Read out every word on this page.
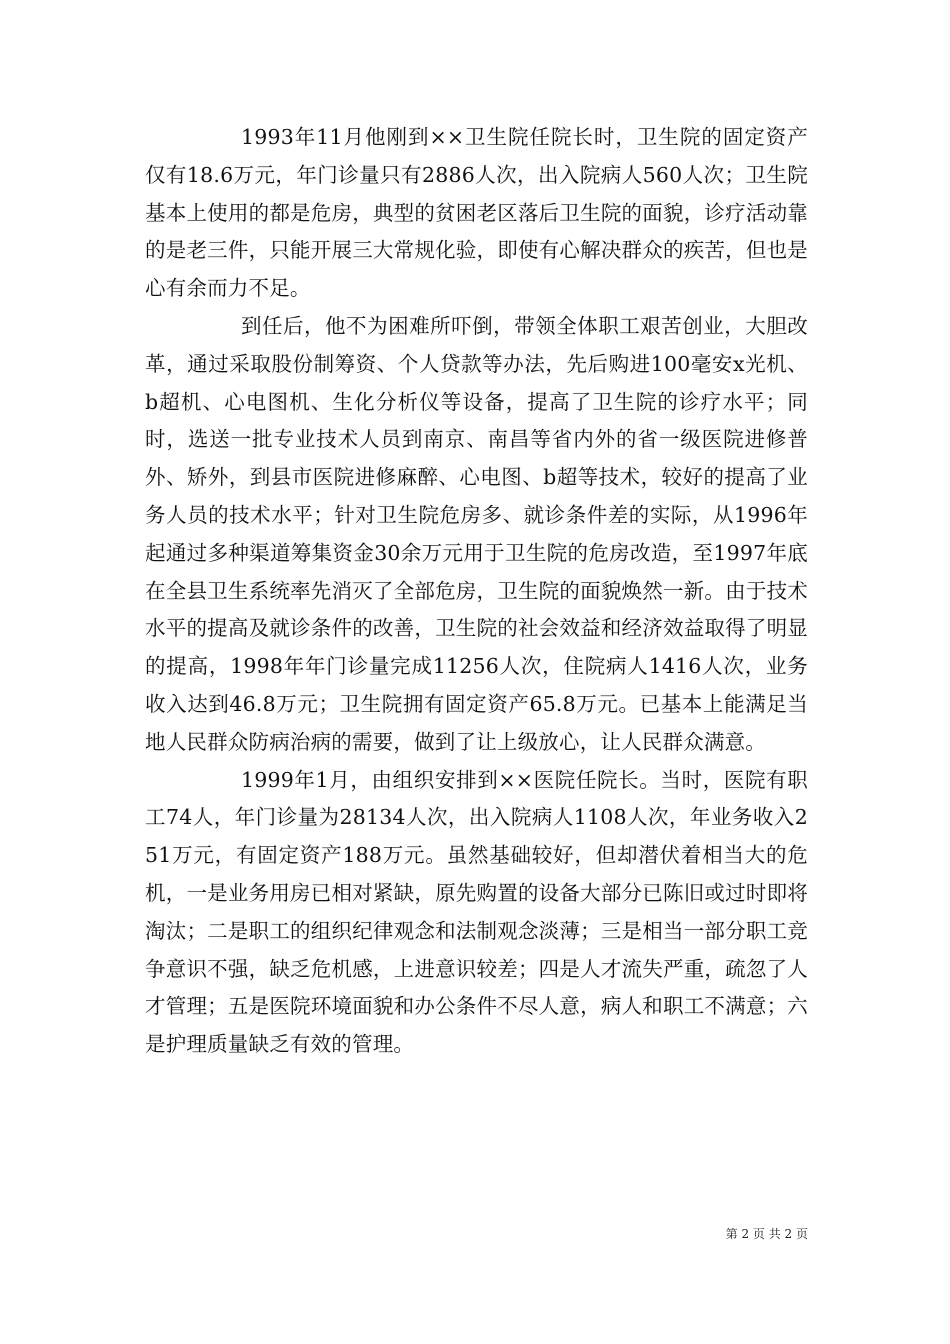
1993年11月他刚到××卫生院任院长时，卫生院的固定资产仅有18.6万元，年门诊量只有2886人次，出入院病人560人次；卫生院基本上使用的都是危房，典型的贫困老区落后卫生院的面貌，诊疗活动靠的是老三件，只能开展三大常规化验，即使有心解决群众的疾苦，但也是心有余而力不足。

到任后，他不为困难所吓倒，带领全体职工艰苦创业，大胆改革，通过采取股份制筹资、个人贷款等办法，先后购进100毫安x光机、b超机、心电图机、生化分析仪等设备，提高了卫生院的诊疗水平；同时，选送一批专业技术人员到南京、南昌等省内外的省一级医院进修普外、矫外，到县市医院进修麻醉、心电图、b超等技术，较好的提高了业务人员的技术水平；针对卫生院危房多、就诊条件差的实际，从1996年起通过多种渠道筹集资金30余万元用于卫生院的危房改造，至1997年底在全县卫生系统率先消灭了全部危房，卫生院的面貌焕然一新。由于技术水平的提高及就诊条件的改善，卫生院的社会效益和经济效益取得了明显的提高，1998年年门诊量完成11256人次，住院病人1416人次，业务收入达到46.8万元；卫生院拥有固定资产65.8万元。已基本上能满足当地人民群众防病治病的需要，做到了让上级放心，让人民群众满意。

1999年1月，由组织安排到××医院任院长。当时，医院有职工74人，年门诊量为28134人次，出入院病人1108人次，年业务收入251万元，有固定资产188万元。虽然基础较好，但却潜伏着相当大的危机，一是业务用房已相对紧缺，原先购置的设备大部分已陈旧或过时即将淘汰；二是职工的组织纪律观念和法制观念淡薄；三是相当一部分职工竞争意识不强，缺乏危机感，上进意识较差；四是人才流失严重，疏忽了人才管理；五是医院环境面貌和办公条件不尽人意，病人和职工不满意；六是护理质量缺乏有效的管理。

第 2 页 共 2 页
